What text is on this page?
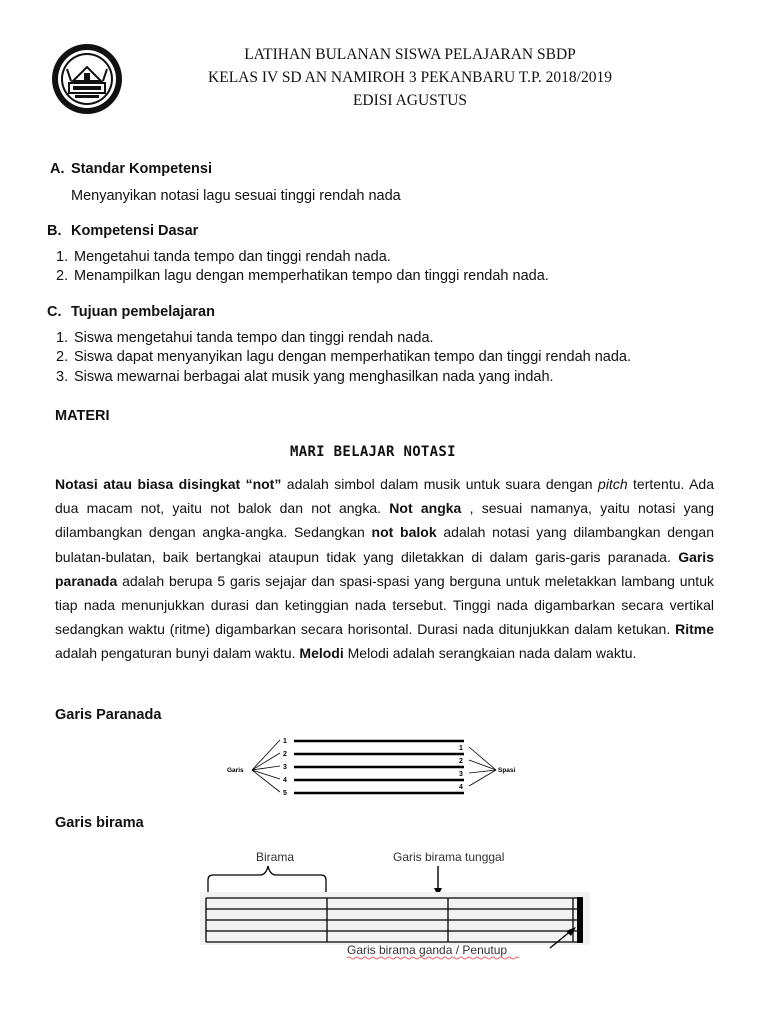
LATIHAN BULANAN SISWA PELAJARAN SBDP
KELAS IV SD AN NAMIROH 3 PEKANBARU T.P. 2018/2019
EDISI AGUSTUS
A. Standar Kompetensi
Menyanyikan notasi lagu sesuai tinggi rendah nada
B. Kompetensi Dasar
1. Mengetahui tanda tempo dan tinggi rendah nada.
2. Menampilkan lagu dengan memperhatikan tempo dan tinggi rendah nada.
C. Tujuan pembelajaran
1. Siswa mengetahui tanda tempo dan tinggi rendah nada.
2. Siswa dapat menyanyikan lagu dengan memperhatikan tempo dan tinggi rendah nada.
3. Siswa mewarnai berbagai alat musik yang menghasilkan nada yang indah.
MATERI
MARI BELAJAR NOTASI
Notasi atau biasa disingkat “not” adalah simbol dalam musik untuk suara dengan pitch tertentu. Ada dua macam not, yaitu not balok dan not angka. Not angka , sesuai namanya, yaitu notasi yang dilambangkan dengan angka-angka. Sedangkan not balok adalah notasi yang dilambangkan dengan bulatan-bulatan, baik bertangkai ataupun tidak yang diletakkan di dalam garis-garis paranada. Garis paranada adalah berupa 5 garis sejajar dan spasi-spasi yang berguna untuk meletakkan lambang untuk tiap nada menunjukkan durasi dan ketinggian nada tersebut. Tinggi nada digambarkan secara vertikal sedangkan waktu (ritme) digambarkan secara horisontal. Durasi nada ditunjukkan dalam ketukan. Ritme adalah pengaturan bunyi dalam waktu. Melodi Melodi adalah serangkaian nada dalam waktu.
Garis Paranada
Garis	Spasi
1
2
3
4
5
1
2
3
4
Garis birama
Birama	Garis birama tunggal
Garis birama ganda / Penutup
